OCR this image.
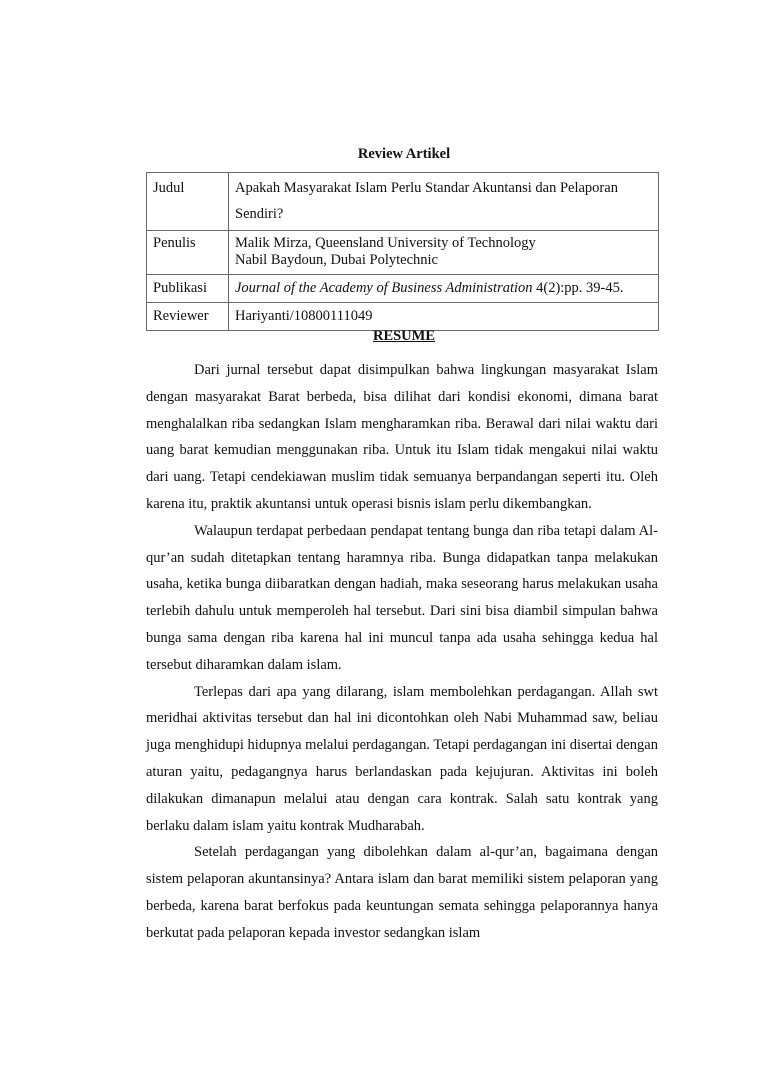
Review Artikel
Judul	Apakah Masyarakat Islam Perlu Standar Akuntansi dan Pelaporan Sendiri?
Penulis	Malik Mirza, Queensland University of Technology
Nabil Baydoun, Dubai Polytechnic

Publikasi	Journal of the Academy of Business Administration 4(2):pp. 39-45.
Reviewer	Hariyanti/10800111049
RESUME

Dari jurnal tersebut dapat disimpulkan bahwa lingkungan masyarakat Islam dengan masyarakat Barat berbeda, bisa dilihat dari kondisi ekonomi, dimana barat menghalalkan riba sedangkan Islam mengharamkan riba. Berawal dari nilai waktu dari uang barat kemudian menggunakan riba. Untuk itu Islam tidak mengakui nilai waktu dari uang. Tetapi cendekiawan muslim tidak semuanya berpandangan seperti itu. Oleh karena itu, praktik akuntansi untuk operasi bisnis islam perlu dikembangkan.

Walaupun terdapat perbedaan pendapat tentang bunga dan riba tetapi dalam Al-qur’an sudah ditetapkan tentang haramnya riba. Bunga didapatkan tanpa melakukan usaha, ketika bunga diibaratkan dengan hadiah, maka seseorang harus melakukan usaha terlebih dahulu untuk memperoleh hal tersebut. Dari sini bisa diambil simpulan bahwa bunga sama dengan riba karena hal ini muncul tanpa ada usaha sehingga kedua hal tersebut diharamkan dalam islam.

Terlepas dari apa yang dilarang, islam membolehkan perdagangan. Allah swt meridhai aktivitas tersebut dan hal ini dicontohkan oleh Nabi Muhammad saw, beliau juga menghidupi hidupnya melalui perdagangan. Tetapi perdagangan ini disertai dengan aturan yaitu, pedagangnya harus berlandaskan pada kejujuran. Aktivitas ini boleh dilakukan dimanapun melalui atau dengan cara kontrak. Salah satu kontrak yang berlaku dalam islam yaitu kontrak Mudharabah.

Setelah perdagangan yang dibolehkan dalam al-qur’an, bagaimana dengan sistem pelaporan akuntansinya? Antara islam dan barat memiliki sistem pelaporan yang berbeda, karena barat berfokus pada keuntungan semata sehingga pelaporannya hanya berkutat pada pelaporan kepada investor sedangkan islam
